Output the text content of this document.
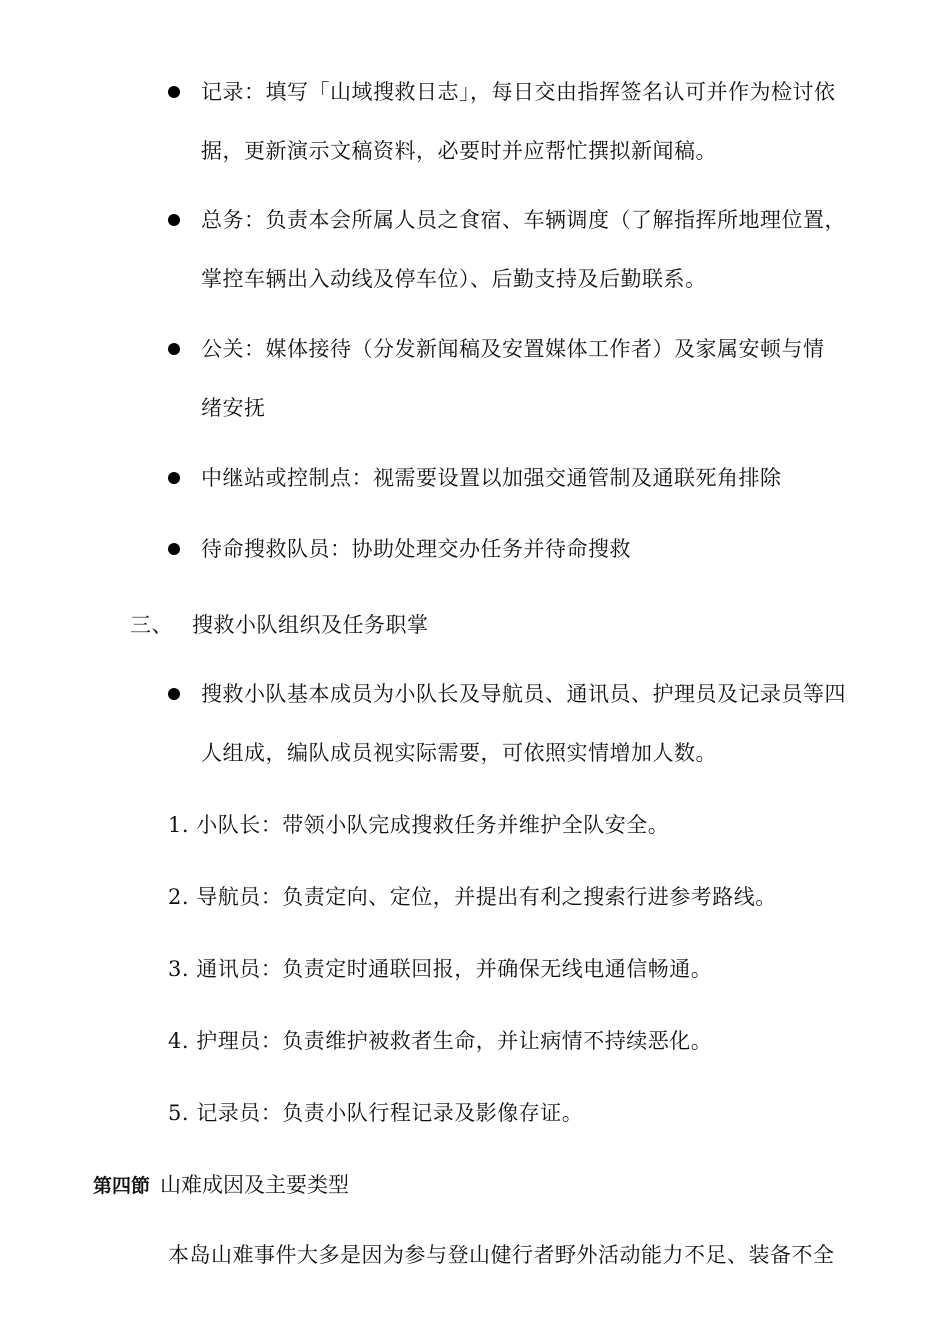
记录：填写「山域搜救日志」，每日交由指挥签名认可并作为检讨依
据，更新演示文稿资料，必要时并应帮忙撰拟新闻稿。
总务：负责本会所属人员之食宿、车辆调度（了解指挥所地理位置，
掌控车辆出入动线及停车位）、后勤支持及后勤联系。
公关：媒体接待（分发新闻稿及安置媒体工作者）及家属安顿与情
绪安抚
中继站或控制点：视需要设置以加强交通管制及通联死角排除
待命搜救队员：协助处理交办任务并待命搜救
三、 搜救小队组织及任务职掌
搜救小队基本成员为小队长及导航员、通讯员、护理员及记录员等四
人组成，编队成员视实际需要，可依照实情增加人数。
1. 小队长：带领小队完成搜救任务并维护全队安全。
2. 导航员：负责定向、定位，并提出有利之搜索行进参考路线。
3. 通讯员：负责定时通联回报，并确保无线电通信畅通。
4. 护理员：负责维护被救者生命，并让病情不持续恶化。
5. 记录员：负责小队行程记录及影像存证。
第四節 山难成因及主要类型
本岛山难事件大多是因为参与登山健行者野外活动能力不足、装备不全
